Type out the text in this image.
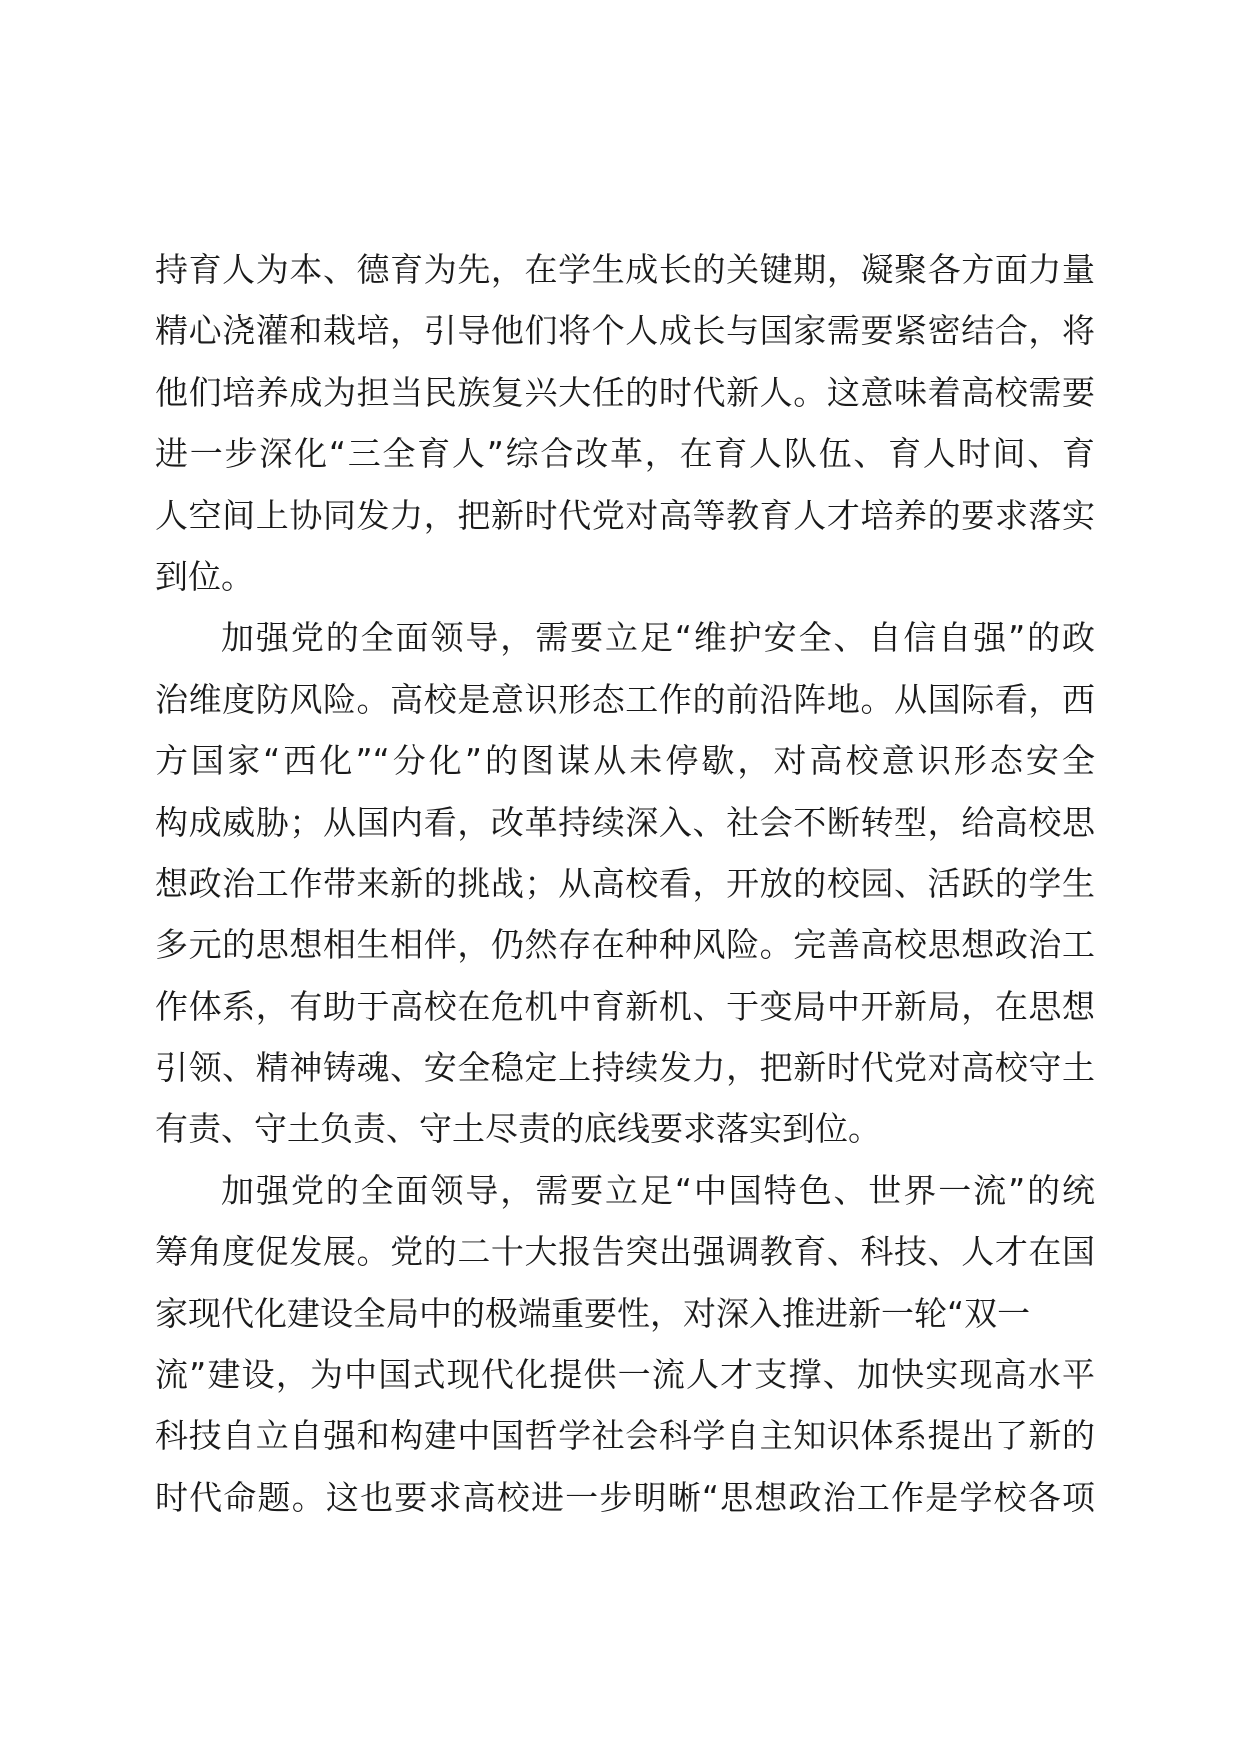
持育人为本、德育为先，在学生成长的关键期，凝聚各方面力量
精心浇灌和栽培，引导他们将个人成长与国家需要紧密结合，将
他们培养成为担当民族复兴大任的时代新人。这意味着高校需要
进一步深化“三全育人”综合改革，在育人队伍、育人时间、育
人空间上协同发力，把新时代党对高等教育人才培养的要求落实
到位。
加强党的全面领导，需要立足“维护安全、自信自强”的政
治维度防风险。高校是意识形态工作的前沿阵地。从国际看，西
方国家“西化”“分化”的图谋从未停歇，对高校意识形态安全
构成威胁；从国内看，改革持续深入、社会不断转型，给高校思
想政治工作带来新的挑战；从高校看，开放的校园、活跃的学生
多元的思想相生相伴，仍然存在种种风险。完善高校思想政治工
作体系，有助于高校在危机中育新机、于变局中开新局，在思想
引领、精神铸魂、安全稳定上持续发力，把新时代党对高校守土
有责、守土负责、守土尽责的底线要求落实到位。
加强党的全面领导，需要立足“中国特色、世界一流”的统
筹角度促发展。党的二十大报告突出强调教育、科技、人才在国
家现代化建设全局中的极端重要性，对深入推进新一轮“双一
流”建设，为中国式现代化提供一流人才支撑、加快实现高水平
科技自立自强和构建中国哲学社会科学自主知识体系提出了新的
时代命题。这也要求高校进一步明晰“思想政治工作是学校各项
